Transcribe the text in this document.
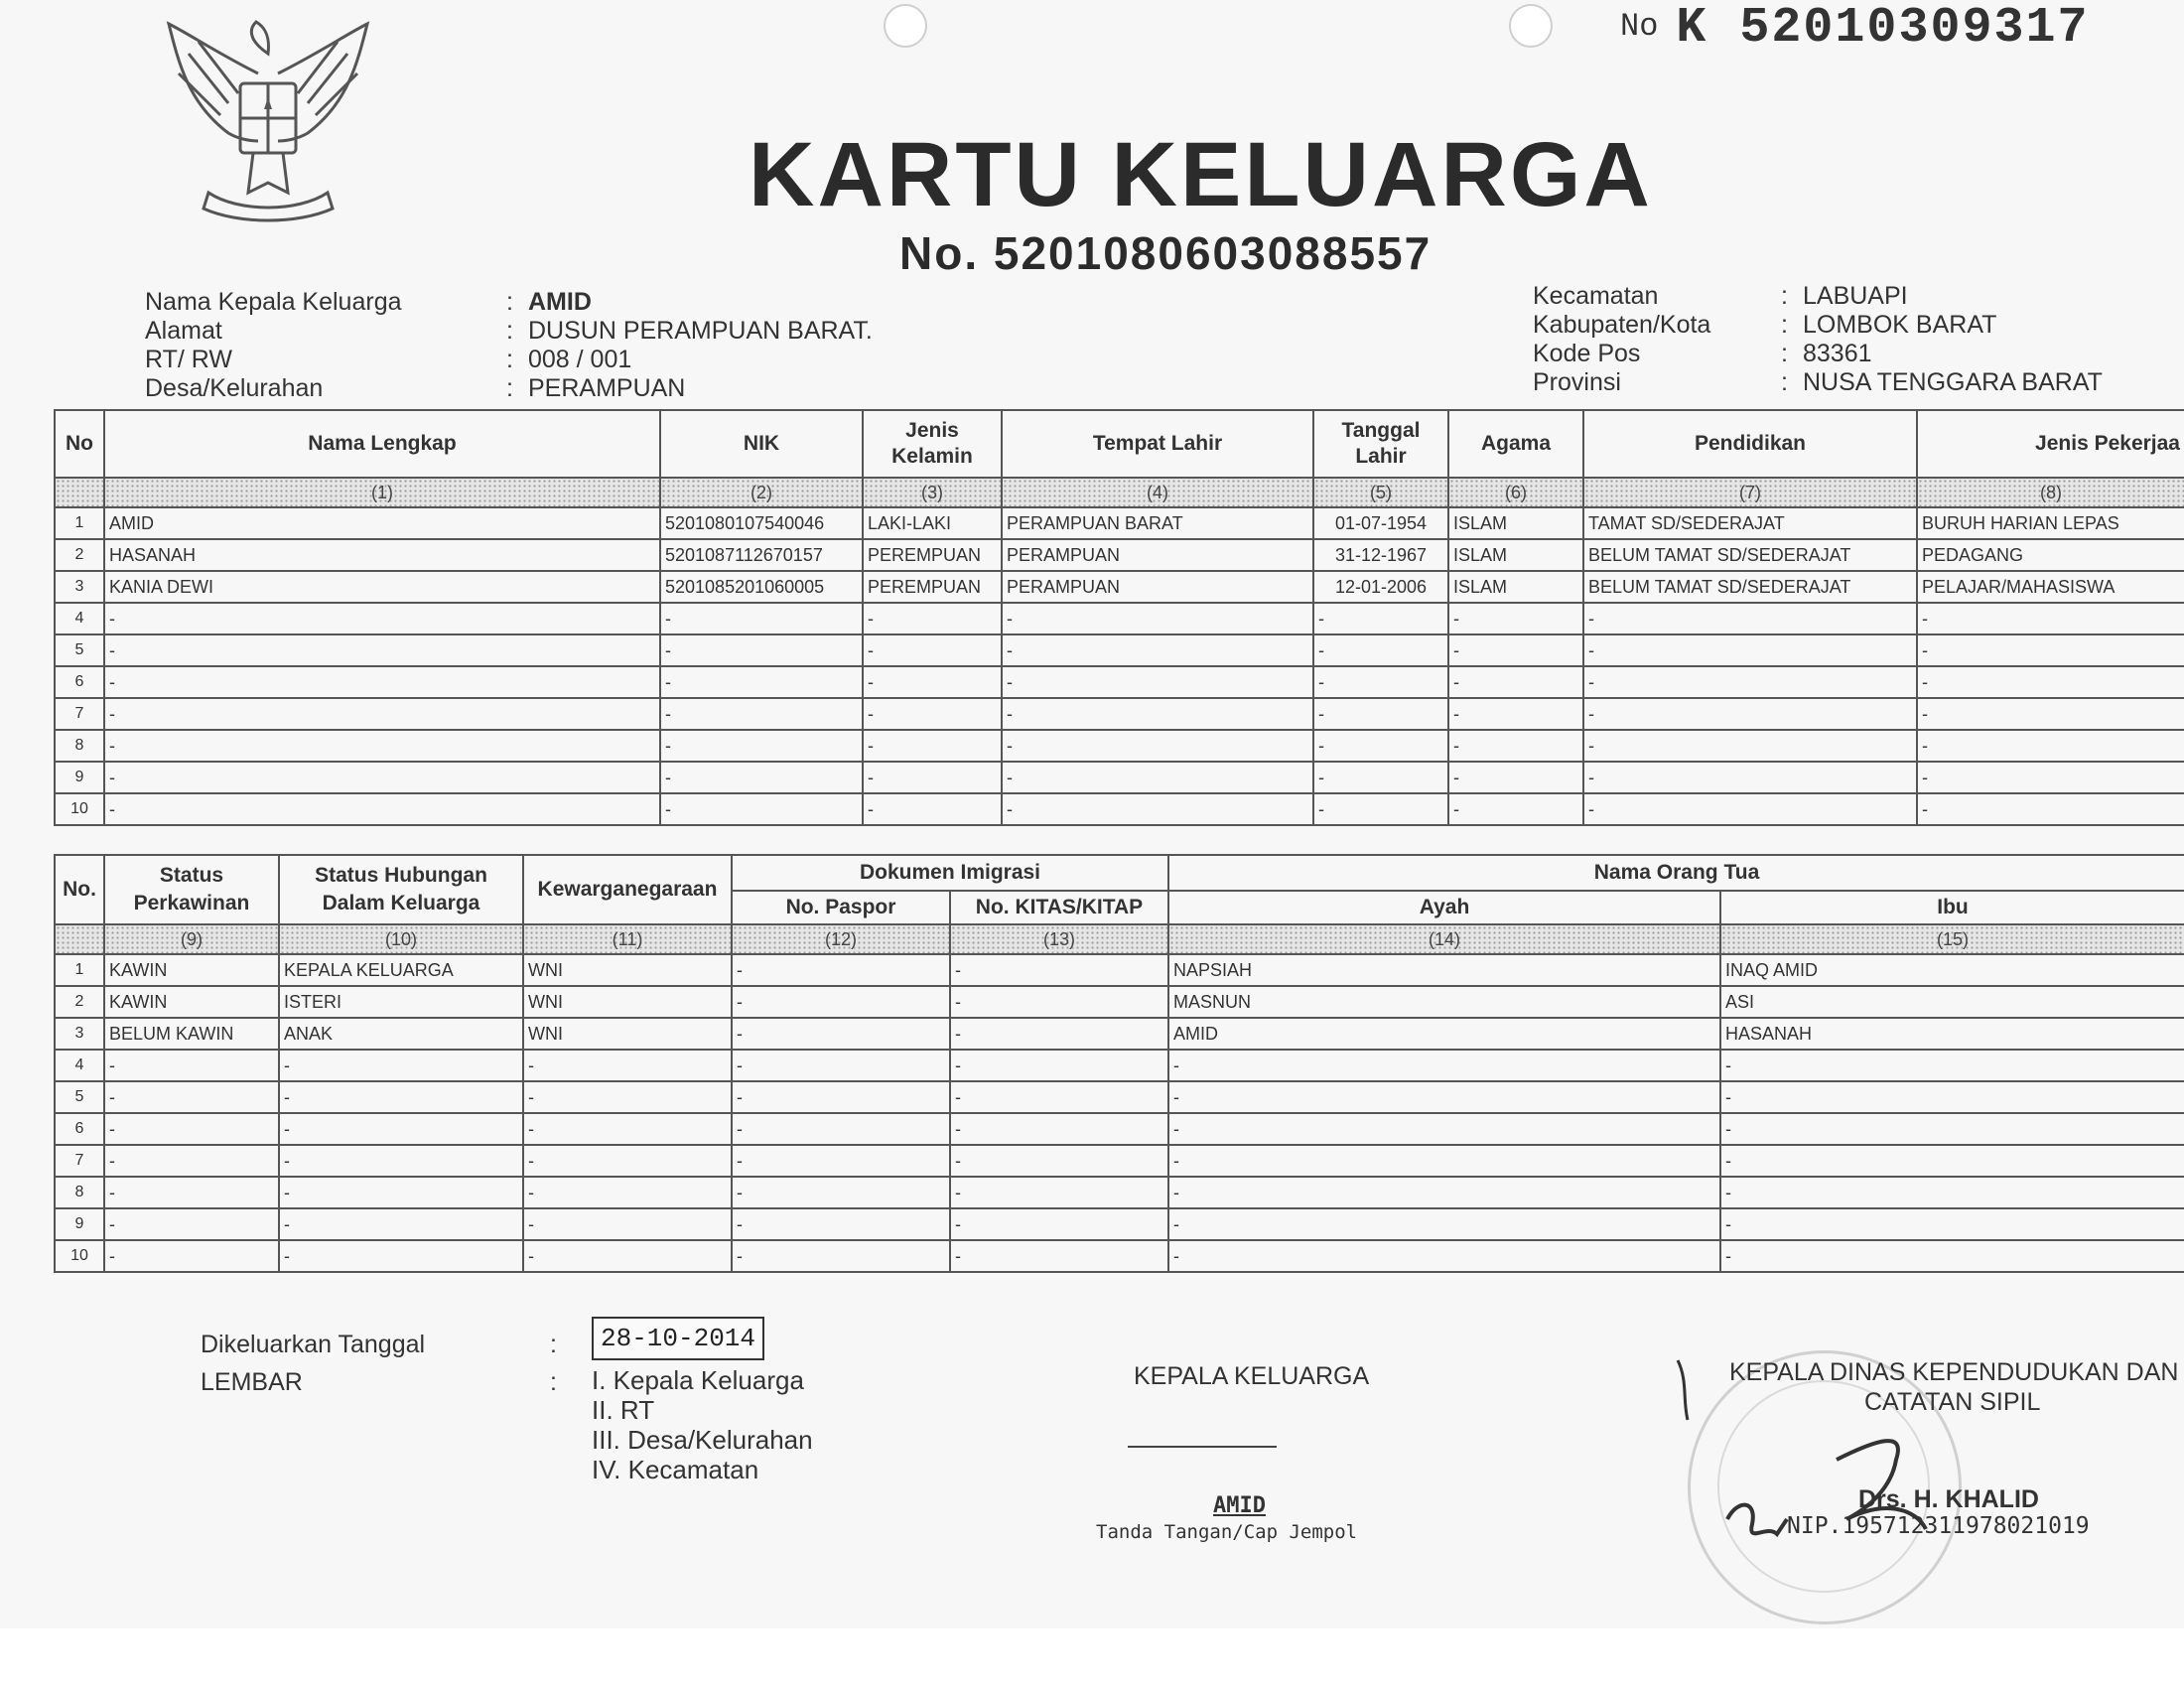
No K 52010309317
KARTU KELUARGA
No. 5201080603088557
Nama Kepala Keluarga	: AMID
Alamat	: DUSUN PERAMPUAN BARAT.
RT/ RW	: 008 / 001
Desa/Kelurahan	: PERAMPUAN
Kecamatan	: LABUAPI
Kabupaten/Kota	: LOMBOK BARAT
Kode Pos	: 83361
Provinsi	: NUSA TENGGARA BARAT
No	Nama Lengkap	NIK	Jenis Kelamin	Tempat Lahir	Tanggal Lahir	Agama	Pendidikan	Jenis Pekerjaa
	(1)	(2)	(3)	(4)	(5)	(6)	(7)	(8)
1	AMID	5201080107540046	LAKI-LAKI	PERAMPUAN BARAT	01-07-1954	ISLAM	TAMAT SD/SEDERAJAT	BURUH HARIAN LEPAS
2	HASANAH	5201087112670157	PEREMPUAN	PERAMPUAN	31-12-1967	ISLAM	BELUM TAMAT SD/SEDERAJAT	PEDAGANG
3	KANIA DEWI	5201085201060005	PEREMPUAN	PERAMPUAN	12-01-2006	ISLAM	BELUM TAMAT SD/SEDERAJAT	PELAJAR/MAHASISWA
4	-	-	-	-	-	-	-	-
5	-	-	-	-	-	-	-	-
6	-	-	-	-	-	-	-	-
7	-	-	-	-	-	-	-	-
8	-	-	-	-	-	-	-	-
9	-	-	-	-	-	-	-	-
10	-	-	-	-	-	-	-	-
No.	Status Perkawinan	Status Hubungan Dalam Keluarga	Kewarganegaraan	Dokumen Imigrasi		Nama Orang Tua	
				No. Paspor	No. KITAS/KITAP	Ayah	Ibu
	(9)	(10)	(11)	(12)	(13)	(14)	(15)
1	KAWIN	KEPALA KELUARGA	WNI	-	-	NAPSIAH	INAQ AMID
2	KAWIN	ISTERI	WNI	-	-	MASNUN	ASI
3	BELUM KAWIN	ANAK	WNI	-	-	AMID	HASANAH
4	-	-	-	-	-	-	-
5	-	-	-	-	-	-	-
6	-	-	-	-	-	-	-
7	-	-	-	-	-	-	-
8	-	-	-	-	-	-	-
9	-	-	-	-	-	-	-
10	-	-	-	-	-	-	-
Dikeluarkan Tanggal	:	28-10-2014
LEMBAR	: I. Kepala Keluarga
II. RT
III. Desa/Kelurahan
IV. Kecamatan
KEPALA KELUARGA
AMID
Tanda Tangan/Cap Jempol
KEPALA DINAS KEPENDUDUKAN DAN
CATATAN SIPIL
Drs. H. KHALID
NIP.195712311978021019
